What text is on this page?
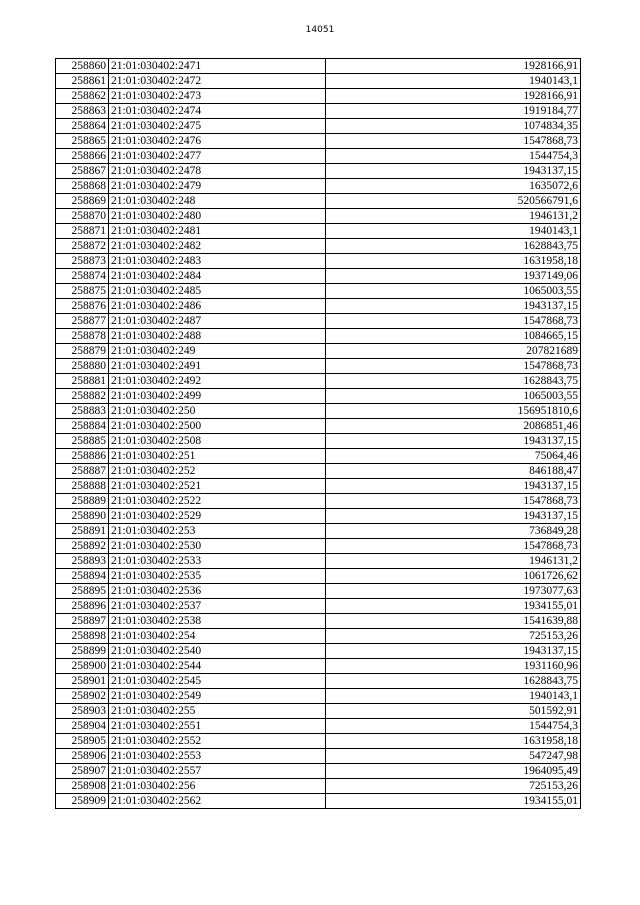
14051
258860	21:01:030402:2471	1928166,91
258861	21:01:030402:2472	1940143,1
258862	21:01:030402:2473	1928166,91
258863	21:01:030402:2474	1919184,77
258864	21:01:030402:2475	1074834,35
258865	21:01:030402:2476	1547868,73
258866	21:01:030402:2477	1544754,3
258867	21:01:030402:2478	1943137,15
258868	21:01:030402:2479	1635072,6
258869	21:01:030402:248	520566791,6
258870	21:01:030402:2480	1946131,2
258871	21:01:030402:2481	1940143,1
258872	21:01:030402:2482	1628843,75
258873	21:01:030402:2483	1631958,18
258874	21:01:030402:2484	1937149,06
258875	21:01:030402:2485	1065003,55
258876	21:01:030402:2486	1943137,15
258877	21:01:030402:2487	1547868,73
258878	21:01:030402:2488	1084665,15
258879	21:01:030402:249	207821689
258880	21:01:030402:2491	1547868,73
258881	21:01:030402:2492	1628843,75
258882	21:01:030402:2499	1065003,55
258883	21:01:030402:250	156951810,6
258884	21:01:030402:2500	2086851,46
258885	21:01:030402:2508	1943137,15
258886	21:01:030402:251	75064,46
258887	21:01:030402:252	846188,47
258888	21:01:030402:2521	1943137,15
258889	21:01:030402:2522	1547868,73
258890	21:01:030402:2529	1943137,15
258891	21:01:030402:253	736849,28
258892	21:01:030402:2530	1547868,73
258893	21:01:030402:2533	1946131,2
258894	21:01:030402:2535	1061726,62
258895	21:01:030402:2536	1973077,63
258896	21:01:030402:2537	1934155,01
258897	21:01:030402:2538	1541639,88
258898	21:01:030402:254	725153,26
258899	21:01:030402:2540	1943137,15
258900	21:01:030402:2544	1931160,96
258901	21:01:030402:2545	1628843,75
258902	21:01:030402:2549	1940143,1
258903	21:01:030402:255	501592,91
258904	21:01:030402:2551	1544754,3
258905	21:01:030402:2552	1631958,18
258906	21:01:030402:2553	547247,98
258907	21:01:030402:2557	1964095,49
258908	21:01:030402:256	725153,26
258909	21:01:030402:2562	1934155,01
